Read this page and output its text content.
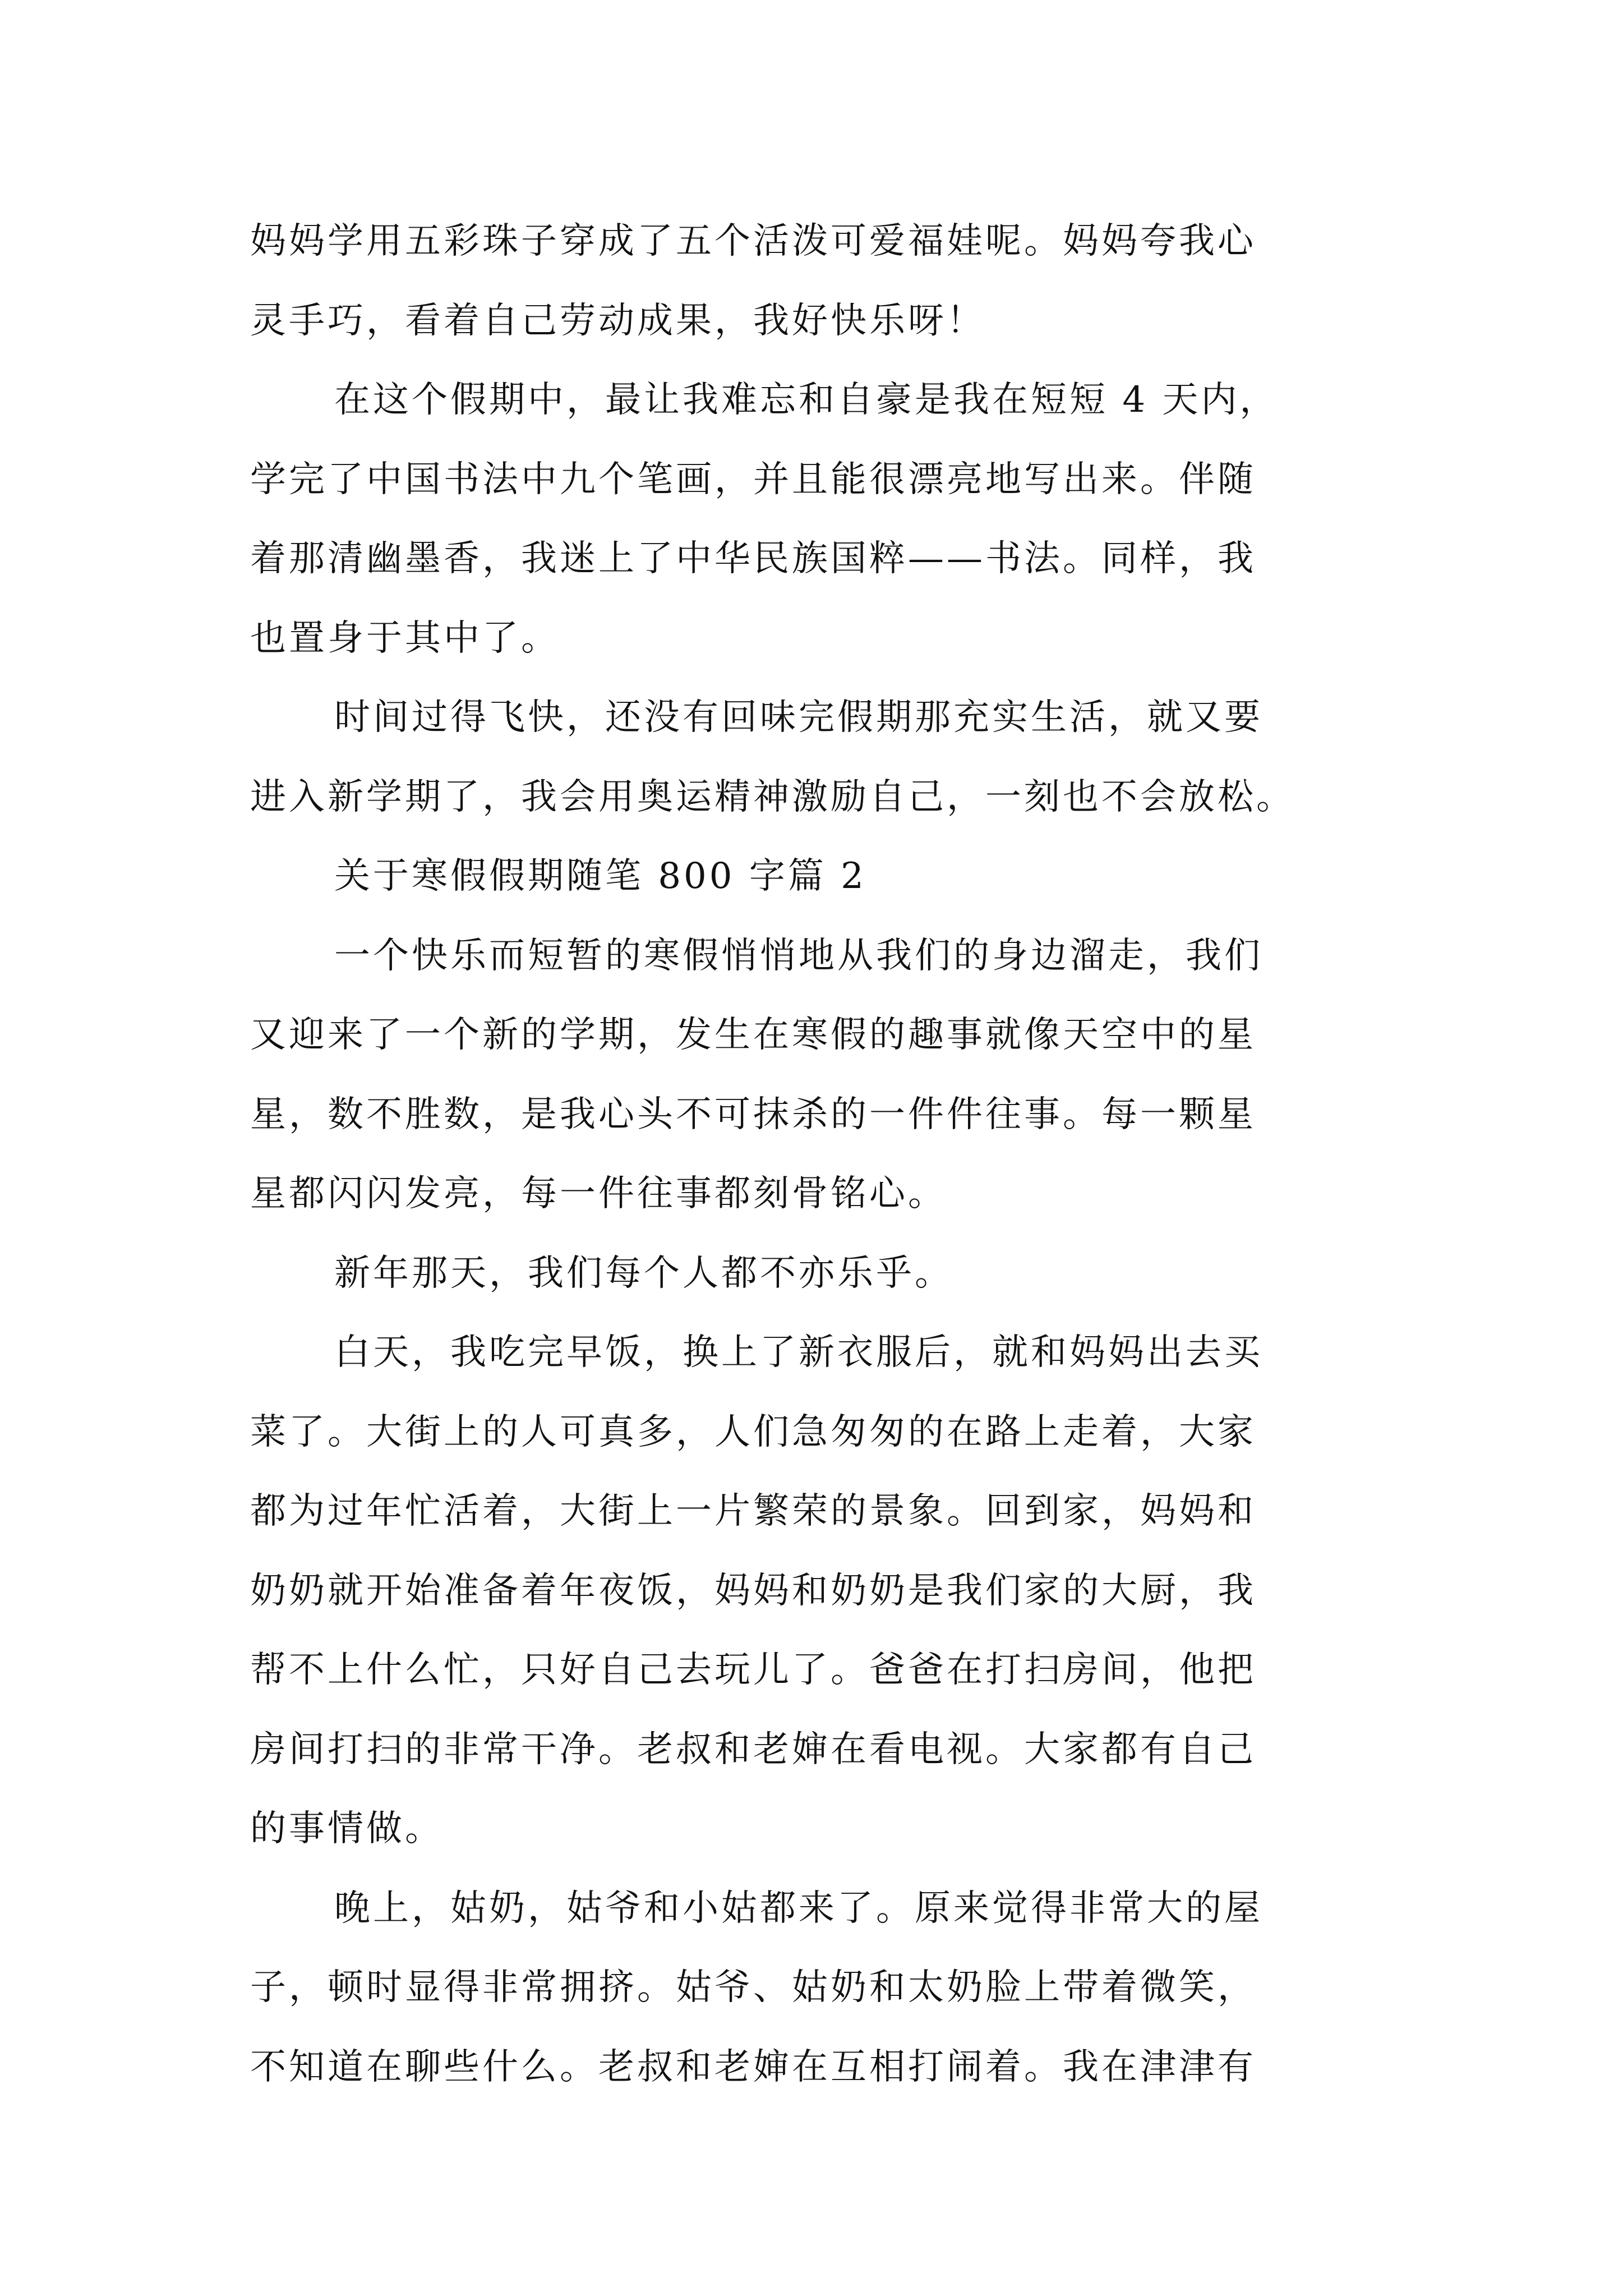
妈妈学用五彩珠子穿成了五个活泼可爱福娃呢。妈妈夸我心
灵手巧，看着自己劳动成果，我好快乐呀！
在这个假期中，最让我难忘和自豪是我在短短 4 天内，
学完了中国书法中九个笔画，并且能很漂亮地写出来。伴随
着那清幽墨香，我迷上了中华民族国粹——书法。同样，我
也置身于其中了。
时间过得飞快，还没有回味完假期那充实生活，就又要
进入新学期了，我会用奥运精神激励自己，一刻也不会放松。
关于寒假假期随笔 800 字篇 2
一个快乐而短暂的寒假悄悄地从我们的身边溜走，我们
又迎来了一个新的学期，发生在寒假的趣事就像天空中的星
星，数不胜数，是我心头不可抹杀的一件件往事。每一颗星
星都闪闪发亮，每一件往事都刻骨铭心。
新年那天，我们每个人都不亦乐乎。
白天，我吃完早饭，换上了新衣服后，就和妈妈出去买
菜了。大街上的人可真多，人们急匆匆的在路上走着，大家
都为过年忙活着，大街上一片繁荣的景象。回到家，妈妈和
奶奶就开始准备着年夜饭，妈妈和奶奶是我们家的大厨，我
帮不上什么忙，只好自己去玩儿了。爸爸在打扫房间，他把
房间打扫的非常干净。老叔和老婶在看电视。大家都有自己
的事情做。
晚上，姑奶，姑爷和小姑都来了。原来觉得非常大的屋
子，顿时显得非常拥挤。姑爷、姑奶和太奶脸上带着微笑，
不知道在聊些什么。老叔和老婶在互相打闹着。我在津津有
